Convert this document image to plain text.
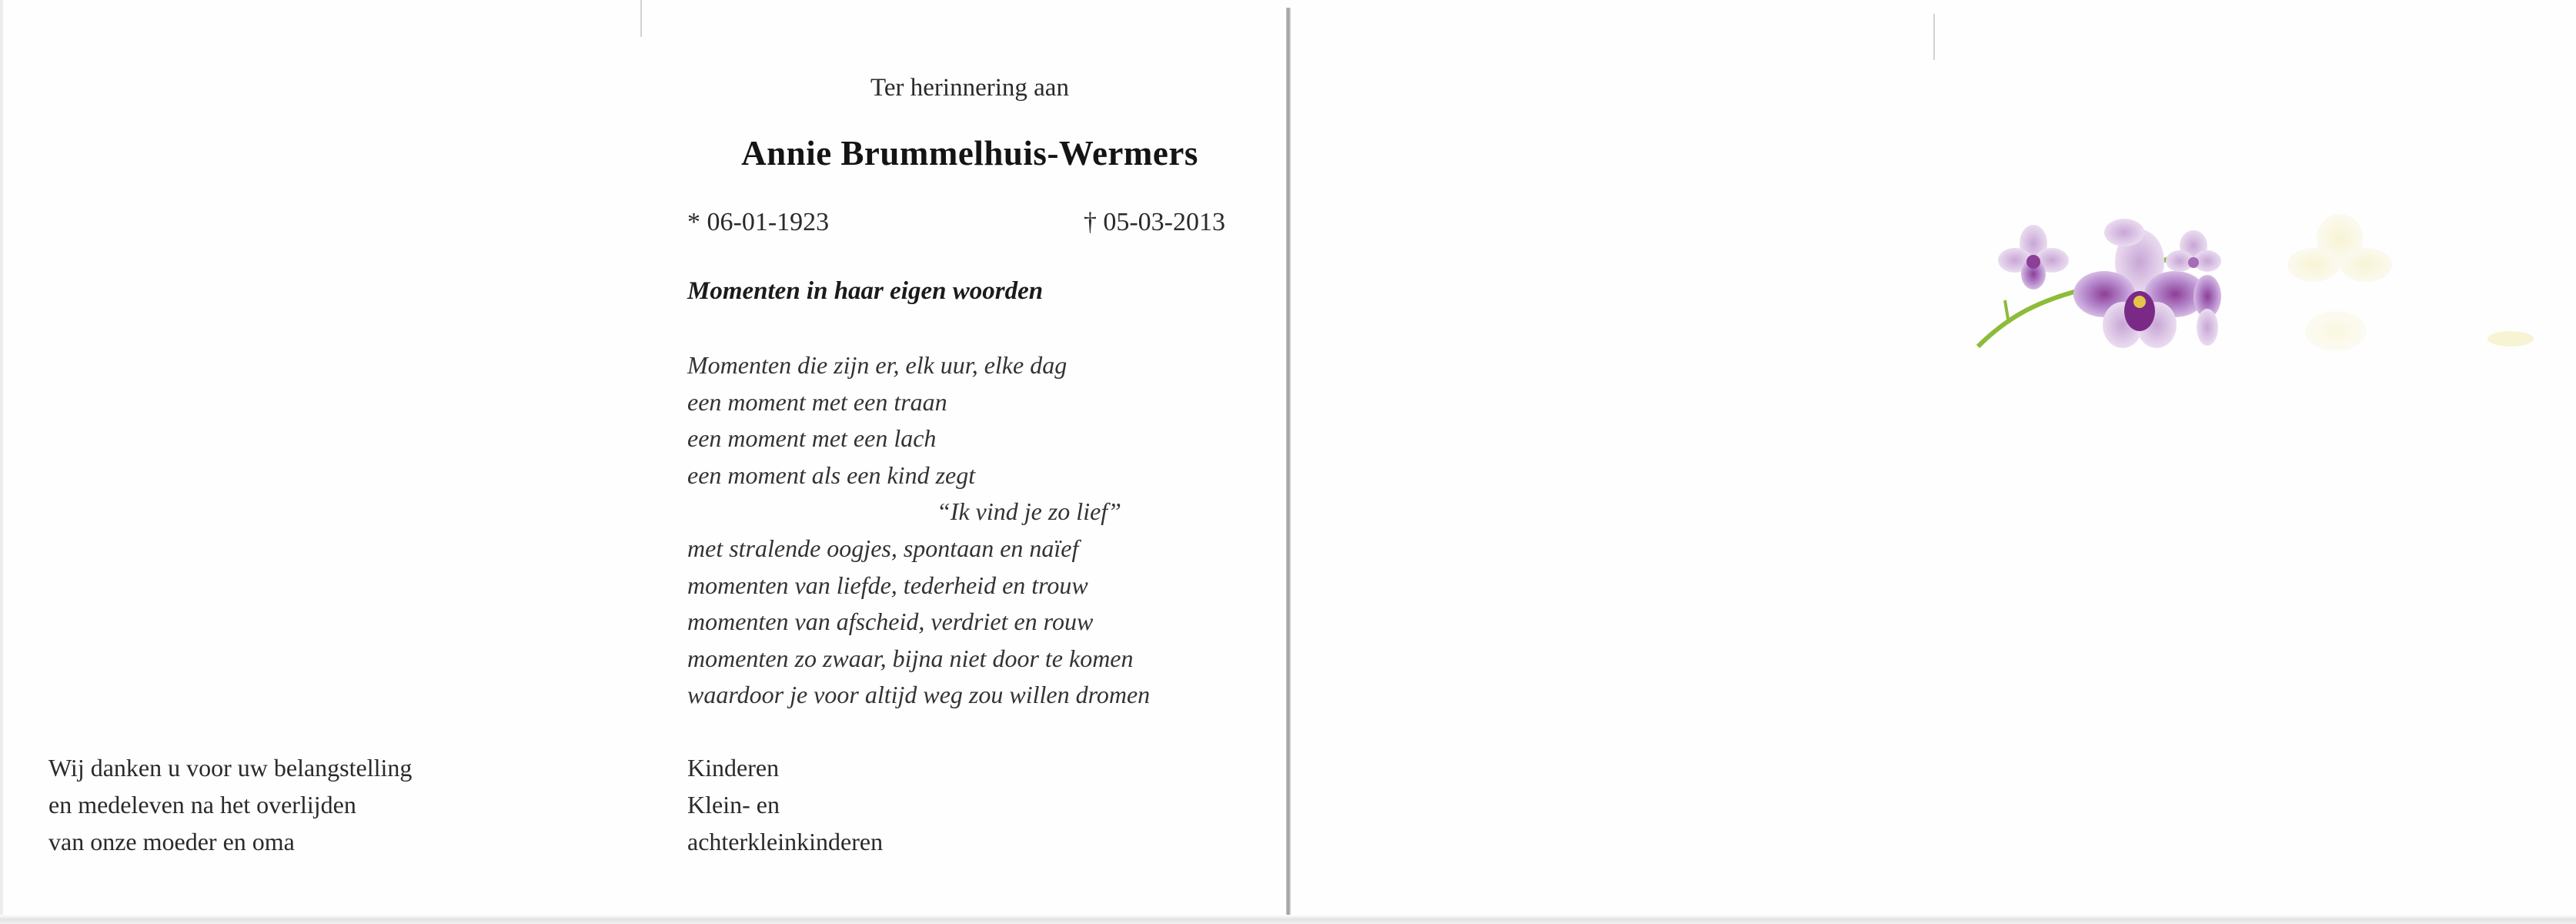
Ter herinnering aan
Annie Brummelhuis-Wermers
* 06-01-1923	† 05-03-2013
Momenten in haar eigen woorden
Momenten die zijn er, elk uur, elke dag
een moment met een traan
een moment met een lach
een moment als een kind zegt
“Ik vind je zo lief”
met stralende oogjes, spontaan en naïef
momenten van liefde, tederheid en trouw
momenten van afscheid, verdriet en rouw
momenten zo zwaar, bijna niet door te komen
waardoor je voor altijd weg zou willen dromen
Wij danken u voor uw belangstelling
en medeleven na het overlijden
van onze moeder en oma
Kinderen
Klein- en
achterkleinkinderen
